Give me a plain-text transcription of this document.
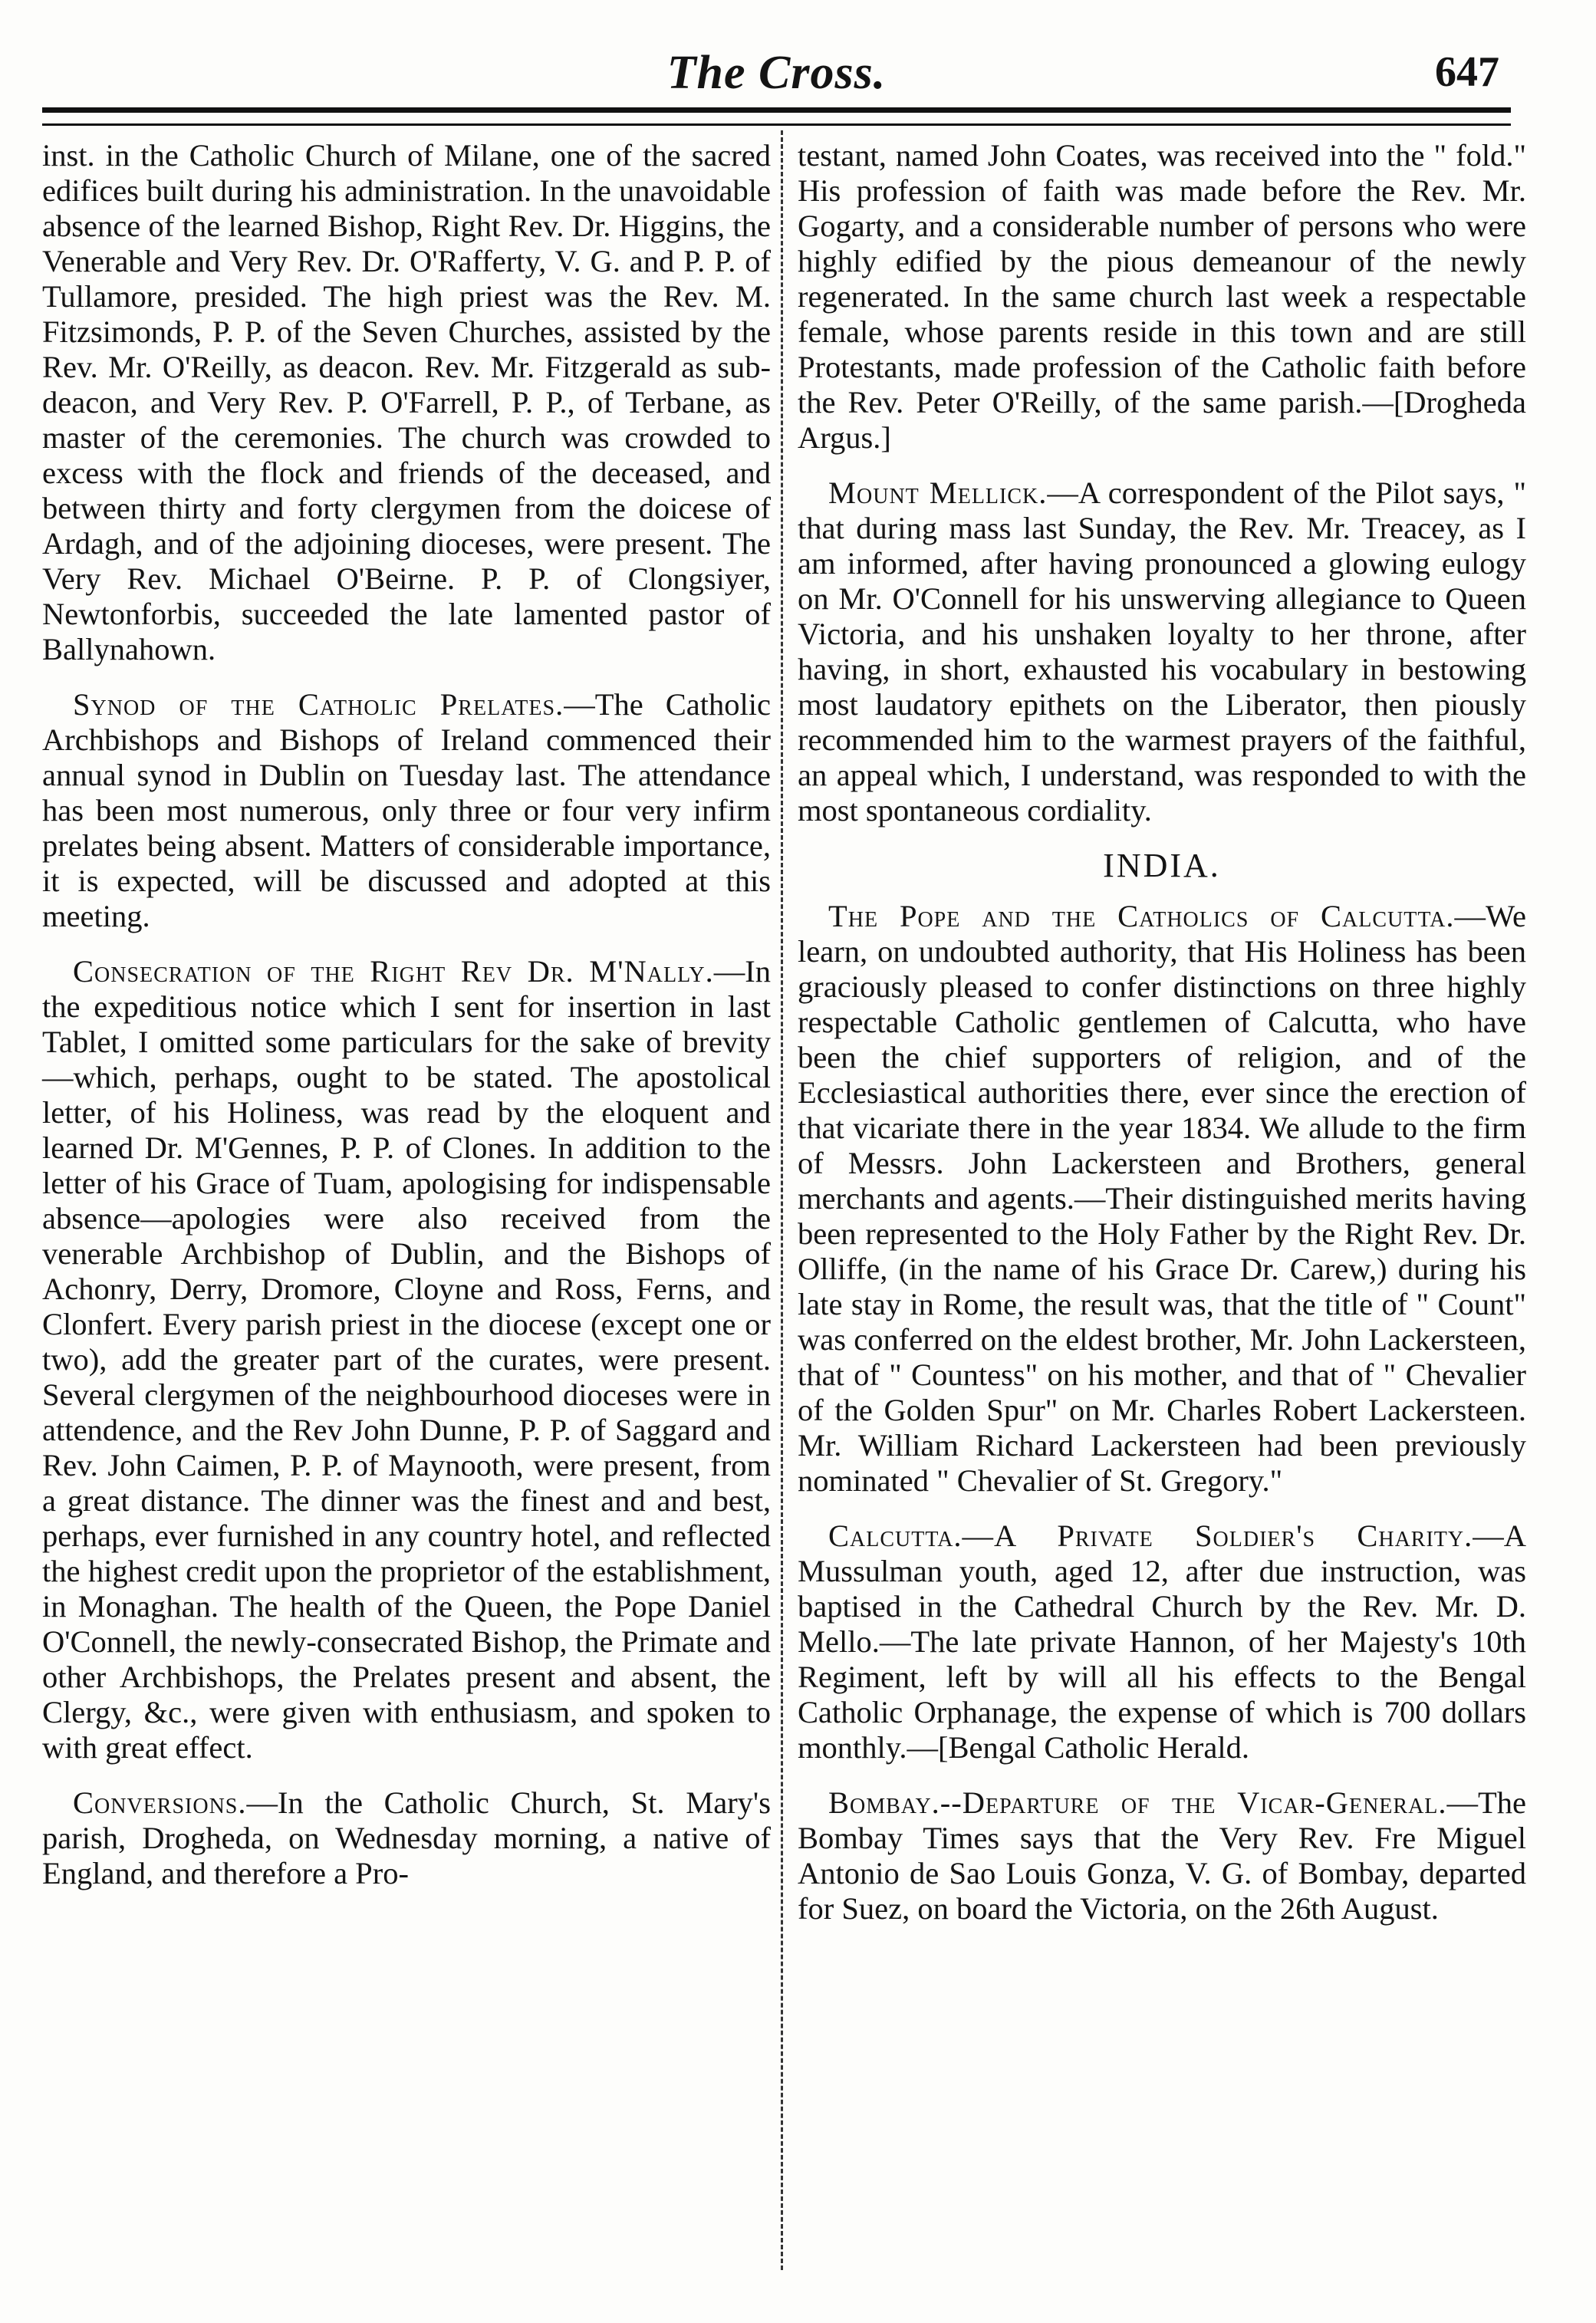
The Cross.	647

inst. in the Catholic Church of Milane, one of the sacred edifices built during his administration. In the unavoidable absence of the learned Bishop, Right Rev. Dr. Higgins, the Venerable and Very Rev. Dr. O'Rafferty, V. G. and P. P. of Tullamore, presided. The high priest was the Rev. M. Fitzsimonds, P. P. of the Seven Churches, assisted by the Rev. Mr. O'Reilly, as deacon. Rev. Mr. Fitzgerald as sub-deacon, and Very Rev. P. O'Farrell, P. P., of Terbane, as master of the ceremonies. The church was crowded to excess with the flock and friends of the deceased, and between thirty and forty clergymen from the doicese of Ardagh, and of the adjoining dioceses, were present. The Very Rev. Michael O'Beirne. P. P. of Clongsiyer, Newtonforbis, succeeded the late lamented pastor of Ballynahown.

Synod of the Catholic Prelates.—The Catholic Archbishops and Bishops of Ireland commenced their annual synod in Dublin on Tuesday last. The attendance has been most numerous, only three or four very infirm prelates being absent. Matters of considerable importance, it is expected, will be discussed and adopted at this meeting.

Consecration of the Right Rev Dr. M'Nally.—In the expeditious notice which I sent for insertion in last Tablet, I omitted some particulars for the sake of brevity—which, perhaps, ought to be stated. The apostolical letter, of his Holiness, was read by the eloquent and learned Dr. M'Gennes, P. P. of Clones. In addition to the letter of his Grace of Tuam, apologising for indispensable absence—apologies were also received from the venerable Archbishop of Dublin, and the Bishops of Achonry, Derry, Dromore, Cloyne and Ross, Ferns, and Clonfert. Every parish priest in the diocese (except one or two), add the greater part of the curates, were present. Several clergymen of the neighbourhood dioceses were in attendence, and the Rev John Dunne, P. P. of Saggard and Rev. John Caimen, P. P. of Maynooth, were present, from a great distance. The dinner was the finest and and best, perhaps, ever furnished in any country hotel, and reflected the highest credit upon the proprietor of the establishment, in Monaghan. The health of the Queen, the Pope Daniel O'Connell, the newly-consecrated Bishop, the Primate and other Archbishops, the Prelates present and absent, the Clergy, &c., were given with enthusiasm, and spoken to with great effect.

Conversions.—In the Catholic Church, St. Mary's parish, Drogheda, on Wednesday morning, a native of England, and therefore a Pro-

testant, named John Coates, was received into the " fold." His profession of faith was made before the Rev. Mr. Gogarty, and a considerable number of persons who were highly edified by the pious demeanour of the newly regenerated. In the same church last week a respectable female, whose parents reside in this town and are still Protestants, made profession of the Catholic faith before the Rev. Peter O'Reilly, of the same parish.—[Drogheda Argus.]

Mount Mellick.—A correspondent of the Pilot says, " that during mass last Sunday, the Rev. Mr. Treacey, as I am informed, after having pronounced a glowing eulogy on Mr. O'Connell for his unswerving allegiance to Queen Victoria, and his unshaken loyalty to her throne, after having, in short, exhausted his vocabulary in bestowing most laudatory epithets on the Liberator, then piously recommended him to the warmest prayers of the faithful, an appeal which, I understand, was responded to with the most spontaneous cordiality.

INDIA.

The Pope and the Catholics of Calcutta.—We learn, on undoubted authority, that His Holiness has been graciously pleased to confer distinctions on three highly respectable Catholic gentlemen of Calcutta, who have been the chief supporters of religion, and of the Ecclesiastical authorities there, ever since the erection of that vicariate there in the year 1834. We allude to the firm of Messrs. John Lackersteen and Brothers, general merchants and agents.—Their distinguished merits having been represented to the Holy Father by the Right Rev. Dr. Olliffe, (in the name of his Grace Dr. Carew,) during his late stay in Rome, the result was, that the title of " Count" was conferred on the eldest brother, Mr. John Lackersteen, that of " Countess" on his mother, and that of " Chevalier of the Golden Spur" on Mr. Charles Robert Lackersteen. Mr. William Richard Lackersteen had been previously nominated " Chevalier of St. Gregory."

Calcutta.—A Private Soldier's Charity.—A Mussulman youth, aged 12, after due instruction, was baptised in the Cathedral Church by the Rev. Mr. D. Mello.—The late private Hannon, of her Majesty's 10th Regiment, left by will all his effects to the Bengal Catholic Orphanage, the expense of which is 700 dollars monthly.—[Bengal Catholic Herald.

Bombay.--Departure of the Vicar-General.—The Bombay Times says that the Very Rev. Fre Miguel Antonio de Sao Louis Gonza, V. G. of Bombay, departed for Suez, on board the Victoria, on the 26th August.
